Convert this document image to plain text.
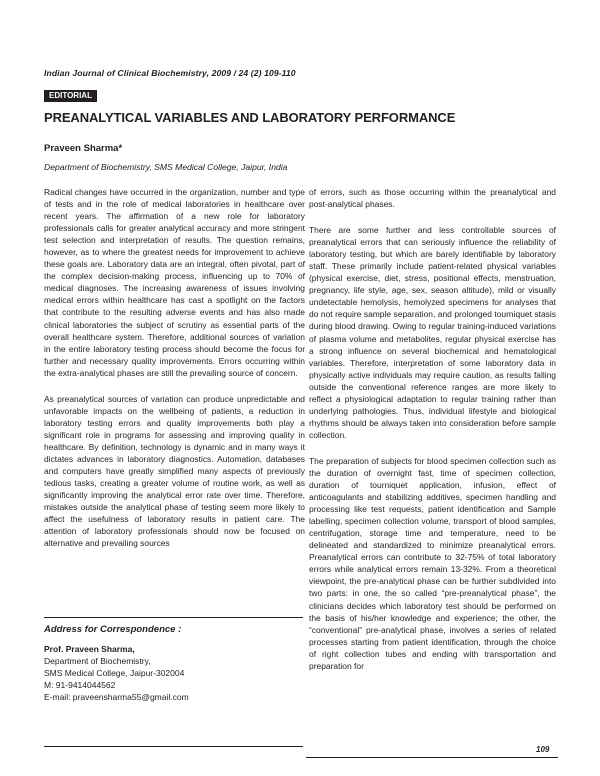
Indian Journal of Clinical Biochemistry, 2009 / 24 (2) 109-110
EDITORIAL
PREANALYTICAL VARIABLES AND LABORATORY PERFORMANCE
Praveen Sharma*
Department of Biochemistry, SMS Medical College, Jaipur, India

Radical changes have occurred in the organization, number and type of tests and in the role of medical laboratories in healthcare over recent years. The affirmation of a new role for laboratory professionals calls for greater analytical accuracy and more stringent test selection and interpretation of results. The question remains, however, as to where the greatest needs for improvement to achieve these goals are. Laboratory data are an integral, often pivotal, part of the complex decision-making process, influencing up to 70% of medical diagnoses. The increasing awareness of issues involving medical errors within healthcare has cast a spotlight on the factors that contribute to the resulting adverse events and has also made clinical laboratories the subject of scrutiny as essential parts of the overall healthcare system. Therefore, additional sources of variation in the entire laboratory testing process should become the focus for further and necessary quality improvements. Errors occurring within the extra-analytical phases are still the prevailing source of concern.

As preanalytical sources of variation can produce unpredictable and unfavorable impacts on the wellbeing of patients, a reduction in laboratory testing errors and quality improvements both play a significant role in programs for assessing and improving quality in healthcare. By definition, technology is dynamic and in many ways it dictates advances in laboratory diagnostics. Automation, databases and computers have greatly simplified many aspects of previously tedious tasks, creating a greater volume of routine work, as well as significantly improving the analytical error rate over time. Therefore, mistakes outside the analytical phase of testing seem more likely to affect the usefulness of laboratory results in patient care. The attention of laboratory professionals should now be focused on alternative and prevailing sources

of errors, such as those occurring within the preanalytical and post-analytical phases.

There are some further and less controllable sources of preanalytical errors that can seriously influence the reliability of laboratory testing, but which are barely identifiable by laboratory staff. These primarily include patient-related physical variables (physical exercise, diet, stress, positional effects, menstruation, pregnancy, life style, age, sex, season altitude), mild or visually undetectable hemolysis, hemolyzed specimens for analyses that do not require sample separation, and prolonged tourniquet stasis during blood drawing. Owing to regular training-induced variations of plasma volume and metabolites, regular physical exercise has a strong influence on several biochemical and hematological variables. Therefore, interpretation of some laboratory data in physically active individuals may require caution, as results falling outside the conventional reference ranges are more likely to reflect a physiological adaptation to regular training rather than underlying pathologies. Thus, individual lifestyle and biological rhythms should be always taken into consideration before sample collection.

The preparation of subjects for blood specimen collection such as the duration of overnight fast, time of specimen collection, duration of tourniquet application, infusion, effect of anticoagulants and stabilizing additives, specimen handling and processing like test requests, patient identification and Sample labelling, specimen collection volume, transport of blood samples, centrifugation, storage time and temperature, need to be delineated and standardized to minimize preanalytical errors. Preanalytical errors can contribute to 32-75% of total laboratory errors while analytical errors remain 13-32%. From a theoretical viewpoint, the pre-analytical phase can be further subdivided into two parts: in one, the so called “pre-preanalytical phase”, the clinicians decides which laboratory test should be performed on the basis of his/her knowledge and experience; the other, the “conventional” pre-analytical phase, involves a series of related processes starting from patient identification, through the choice of right collection tubes and ending with transportation and preparation for

Address for Correspondence :
Prof. Praveen Sharma,
Department of Biochemistry,
SMS Medical College, Jaipur-302004
M: 91-9414044562
E-mail: praveensharma55@gmail.com
109
